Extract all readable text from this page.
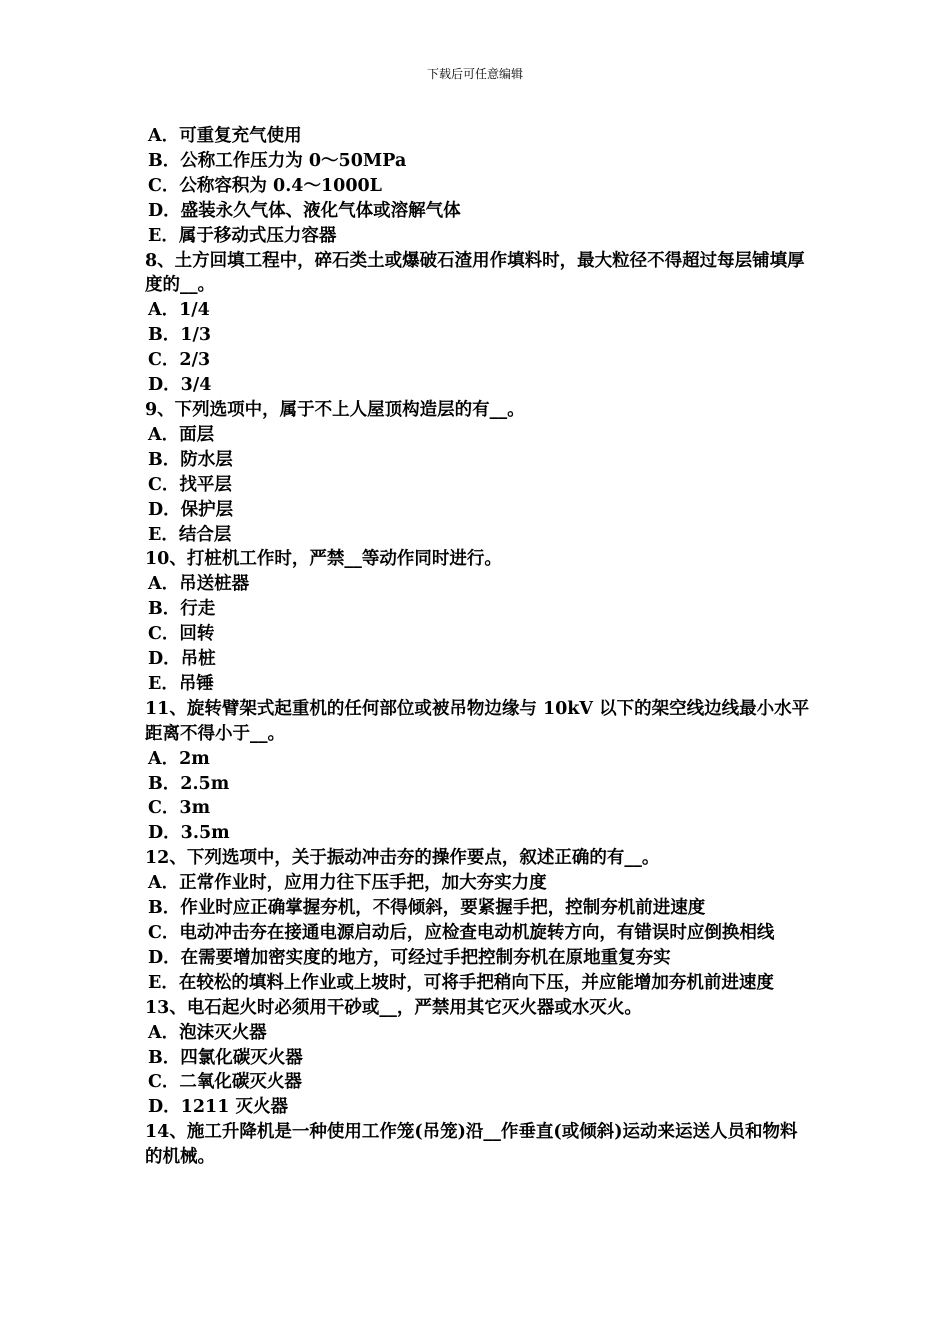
下载后可任意编辑
A．可重复充气使用
B．公称工作压力为 0～50MPa
C．公称容积为 0.4～1000L
D．盛装永久气体、液化气体或溶解气体
E．属于移动式压力容器
8、土方回填工程中，碎石类土或爆破石渣用作填料时，最大粒径不得超过每层铺填厚度的__。
A．1/4
B．1/3
C．2/3
D．3/4
9、下列选项中，属于不上人屋顶构造层的有__。
A．面层
B．防水层
C．找平层
D．保护层
E．结合层
10、打桩机工作时，严禁__等动作同时进行。
A．吊送桩器
B．行走
C．回转
D．吊桩
E．吊锤
11、旋转臂架式起重机的任何部位或被吊物边缘与 10kV 以下的架空线边线最小水平距离不得小于__。
A．2m
B．2.5m
C．3m
D．3.5m
12、下列选项中，关于振动冲击夯的操作要点，叙述正确的有__。
A．正常作业时，应用力往下压手把，加大夯实力度
B．作业时应正确掌握夯机，不得倾斜，要紧握手把，控制夯机前进速度
C．电动冲击夯在接通电源启动后，应检查电动机旋转方向，有错误时应倒换相线
D．在需要增加密实度的地方，可经过手把控制夯机在原地重复夯实
E．在较松的填料上作业或上坡时，可将手把稍向下压，并应能增加夯机前进速度
13、电石起火时必须用干砂或__，严禁用其它灭火器或水灭火。
A．泡沫灭火器
B．四氯化碳灭火器
C．二氧化碳灭火器
D．1211 灭火器
14、施工升降机是一种使用工作笼(吊笼)沿__作垂直(或倾斜)运动来运送人员和物料的机械。
